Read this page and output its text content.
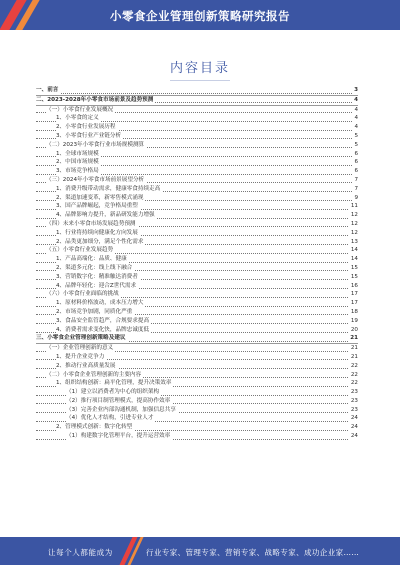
小零食企业管理创新策略研究报告
内容目录
一、前言	3
二、2023-2028年小零食市场前景及趋势预测	4
（一）小零食行业发展概况	4
1、小零食的定义	4
2、小零食行业发展历程	4
3、小零食行业产业链分析	5
（二）2023年小零食行业市场规模测算	5
1、全球市场规模	6
2、中国市场规模	6
3、市场竞争格局	6
（三）2024年小零食市场前景展望分析	7
1、消费升级带动需求，健康零食持续走高	7
2、渠道加速变革，新零售模式涌现	9
3、国产品牌崛起，竞争格局重塑	11
4、品牌影响力提升，新品研发能力增强	12
（四）未来小零食市场发展趋势预测	12
1、行业将持续向健康化方向发展	12
2、品类更加细分，满足个性化需求	13
（五）小零食行业发展趋势	14
1、产品高端化：品质、健康	14
2、渠道多元化：线上线下融合	15
3、营销数字化：精准触达消费者	15
4、品牌年轻化：迎合Z世代需求	16
（六）小零食行业面临的挑战	17
1、原材料价格波动，成本压力增大	17
2、市场竞争加剧，同质化严重	18
3、食品安全监管趋严，合规要求提高	19
4、消费者需求变化快，品牌忠诚度低	20
三、小零食企业管理创新策略及建议	21
（一）企业管理创新的意义	21
1、提升企业竞争力	21
2、推动行业高质量发展	22
（二）小零食企业管理创新的主要内容	22
1、组织结构创新：扁平化管理，提升决策效率	22
（1）建立以消费者为中心的组织架构	23
（2）推行项目制管理模式，提高协作效率	23
（3）完善企业内部沟通机制，加强信息共享	23
（4）优化人才结构，引进专业人才	24
2、管理模式创新：数字化转型	24
（1）构建数字化管理平台，提升运营效率	24
让每个人都能成为	行业专家、管理专家、营销专家、战略专家、成功企业家……
